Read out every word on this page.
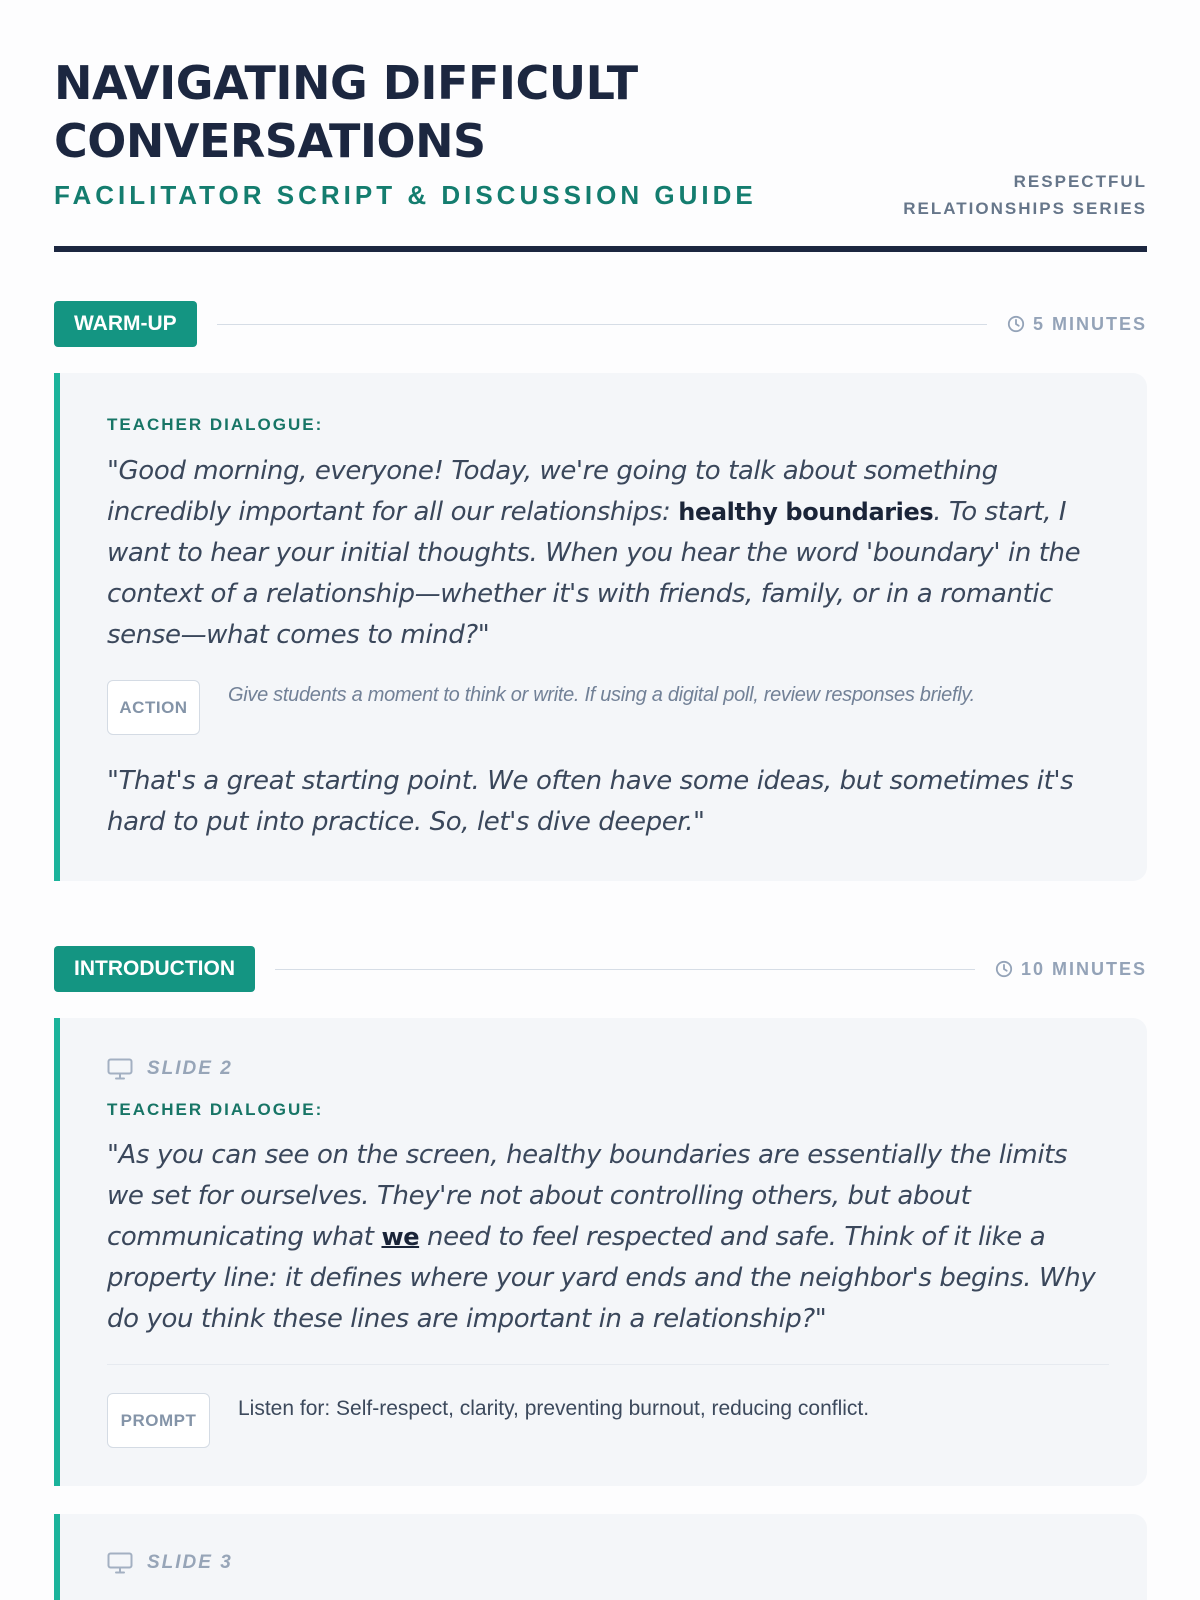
NAVIGATING DIFFICULT
CONVERSATIONS
FACILITATOR SCRIPT & DISCUSSION GUIDE	RESPECTFUL
RELATIONSHIPS SERIES
WARM-UP	5 MINUTES
TEACHER DIALOGUE:
"Good morning, everyone! Today, we're going to talk about something incredibly important for all our relationships: healthy boundaries. To start, I want to hear your initial thoughts. When you hear the word 'boundary' in the context of a relationship—whether it's with friends, family, or in a romantic sense—what comes to mind?"
ACTION
Give students a moment to think or write. If using a digital poll, review responses briefly.
"That's a great starting point. We often have some ideas, but sometimes it's hard to put into practice. So, let's dive deeper."
INTRODUCTION	10 MINUTES
SLIDE 2
TEACHER DIALOGUE:
"As you can see on the screen, healthy boundaries are essentially the limits we set for ourselves. They're not about controlling others, but about communicating what we need to feel respected and safe. Think of it like a property line: it defines where your yard ends and the neighbor's begins. Why do you think these lines are important in a relationship?"
PROMPT
Listen for: Self-respect, clarity, preventing burnout, reducing conflict.
SLIDE 3
